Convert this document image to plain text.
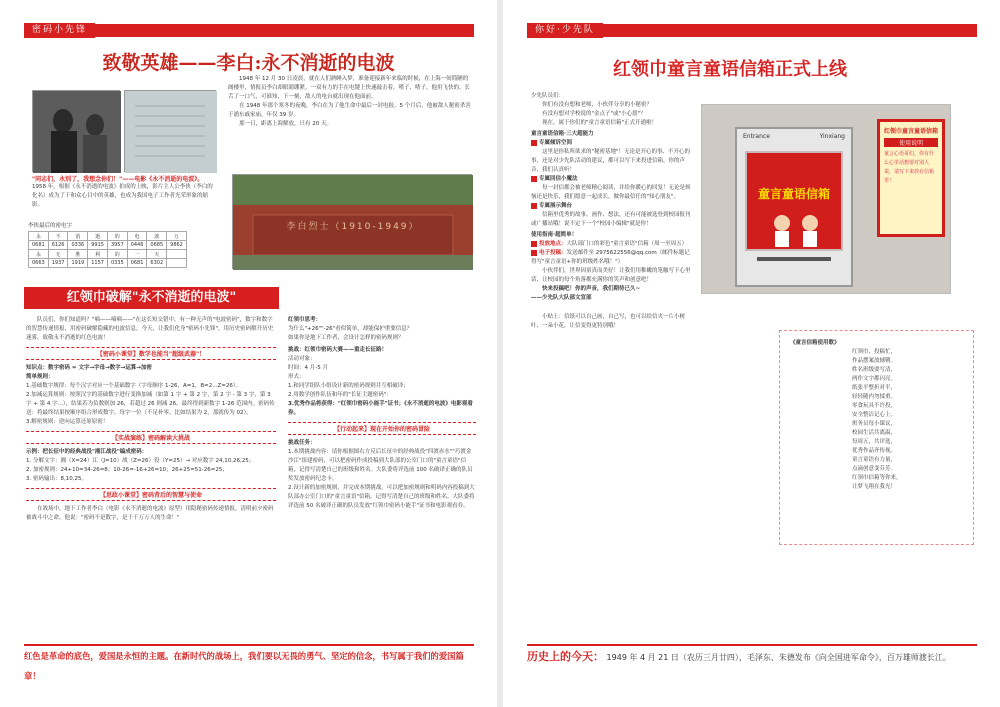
密码小先锋
致敬英雄——李白:永不消逝的电波
"同志们，永别了，我想念你们！"——电影《永不消逝的电波》。
1958 年，根据《永不消逝的电波》拍成的上映，影片主人公李侠（李白的化名）成为了千和众心目中的英雄，也成为我国电子工作者光荣形象的缩影。

1948 年 12 月 30 日凌晨，就在人们熟睡入梦，准备迎接新年来临的时候，在上海一间简陋的阁楼里，情报员李白却眼睛绷紧。一双有力的手在电键上快速敲击着，喳子、喳子，他用飞快的、长舌了一口气，可谁知，下一刻，敌人的电台就出现在他面前。

在 1948 年那个寒冬的夜晚，李白在为了他生命中最后一封电报。5 个月后，他被敌人秘密杀害于浦东戚家庙，年仅 39 岁。

那一日，距离上海解放，只有 20 天。

李白烈士（1910-1949）
李侠最后的密电字
永	不	消	逝	的	电	波	万
0681	6126	0336	9915	3957	0446	0685	9862
永	无	胜	利	的	一	天	
0663	1937	1919	1157	0335	0681	6302	
红领巾破解"永不消逝的电波"

队员们，你们知道吗？"嘀——嘀嘀——"在这长短交错中，有一种无声的"电波密码"，数字和数字的智慧传递情报，用密码破解隐藏的电波信息，今天，让我们化身"密码小先锋"，用历史密码解开历史迷雾，致敬永不消逝的红色电波！

【密码小课堂】数学也能当"超级武器"！

知识点：数字密码 = 文字→字母→数字→运算→加密

简单规则：

1.基础数字规律：每个汉字对应一个基础数字（字母顺序 1-26，A=1，B=2...Z=26）。

2.加减运算规则：按照汉字的基础数字进行变换加减（如第 1 字 + 第 2 字，第 2 字 - 第 3 字，第 3 字 + 第 4 字...），结果若为负数则加 26，若超过 26 则减 26，最终得到新数字 1-26 范围内。密码传送：将最终结果按顺序组合形成数字，每字一位（不足补零，比如结果为 2，那就传为 02）。

3.解密规则：逆向运算还原原密！

【实战演练】密码解读大挑战

示例：把长征中的经典战役"湘江战役"编成密码：

1. 分解文字：湘（X=24）江（J=10）战（Z=26）役（Y=25）→ 对应数字 24,10,26,25；

2. 加密规则：24+10=34-26=8；10-26=-16+26=10；26+25=51-26=25；

3. 密码输出：8,10,25。

【思政小课堂】密码背后的智慧与使命

在战场中，地下工作者李白（电影《永不消逝的电波》原型）用隐秘密码传递情报，清明前夕密码被战斗中之命，他说："密码不是数字，是千千万万人的生命！"

红领巾思考：

为什么"+26""-26"看似简单，却能保护重要信息？

如果你是地下工作者，会设计怎样的密码规则？

挑战：红领巾密码大赛——重走长征路！

活动对象：

时间：4 月-5 月

形式：

1.和同学组队小组设计新的密码规则并互相破译；

2.用数学创作队伍和年的"长征主题密码"：

3.优秀作品将获得："红领巾密码小能手"证书；《永不消逝的电波》电影观看券。

【行动起来】现在开始你的密码冒险

挑战任务：

1.本期挑战内容：请你根据图右方反后长征中的经典战役"四渡赤水""巧渡金沙江"组建密码，可以把密码作成投稿到大队部的公室门口的"童言童语"信箱，记得写清楚自己的班级和姓名。大队委将评选前 100 名破译正确的队员奖发放密码纪念卡。

2.设计新的加密规则，并完成本期挑战。可以把加密规则和明码内容投稿到大队部办公室门口的"童言童语"信箱，记得写清楚自己的班级和姓名。大队委将评选前 50 名破译正确的队员发放"红领巾密码小能手"证书和电影观看券。

红色是革命的底色，爱国是永恒的主题。在新时代的战场上，我们要以无畏的勇气、坚定的信念，书写属于我们的爱国篇章！
你好·少先队
红领巾童言童语信箱正式上线

少先队员们：

你们有没有想和老师、小伙伴分享的小秘密？

有没有想对学校说的"金点子"或"小心愿"？

现在，属于你们的"童言童语信箱"正式开通啦！

童言童语信箱·三大超能力

专属倾诉空间

这里是你私所欲求的"秘密基地"！无论是开心的事、不开心的事，还是对少先队活动的建议，都可以写下来投进信箱。你的声音，我们认真听！

专属回信小魔法

每一封信都会被老师精心阅读，并给你暖心的回复！无论是烦恼还是快乐，我们愿意一起成长，做你最信任的"知心朋友"。

专属展示舞台

信箱里优秀的故事、画作、想法，还有可能被选登到校园报刊或广播站哦！说不定下一个"校园小编辑"就是你！

使用指南·超简单！

投放地点：大队部门口的彩色"童言童语"信箱（周一至周五）

电子投稿：发送邮件至 2975622556@qq.com（邮件标题记得写"童言童语+你的班级姓名哦！"）

小伙伴们，世界因童真而美好！让我们用稚嫩的笔触写下心里话，让校园的每个角落都充满你的笑声和创意吧！

快来投稿吧！你的声音，我们期待已久~

——少先队大队部文宣部

小贴士：信纸可以自己画，自己写，也可以给信夹一片小树叶、一朵小花，让信变得更特别哦！

Entrance	Yinxiang
童言童语信箱
红领巾童言童语信箱
使用说明
童言心语哥们、你有什么心里话想要对别人说，请写下来放在信箱里！
《童言信箱使用歌》
红领巾，投稿忙，
作品摆案放辅鞘。
姓名班级要写清，
两作文字都闪亮。
纸张平整折对半，
轻轻随内勿揉重。
零食玩具不许投，
安全整洁记心上。
班务员每小课议，
校园生活共离温，
每周五，共评选，
优秀作品齐传视。
童言童语有力量，
点滴创意变芬芳。
红领巾信箱等你来，
让梦飞翔在我光！
历史上的今天： 1949 年 4 月 21 日（农历三月廿四），毛泽东、朱德发布《向全国进军命令》，百万雄师渡长江。
